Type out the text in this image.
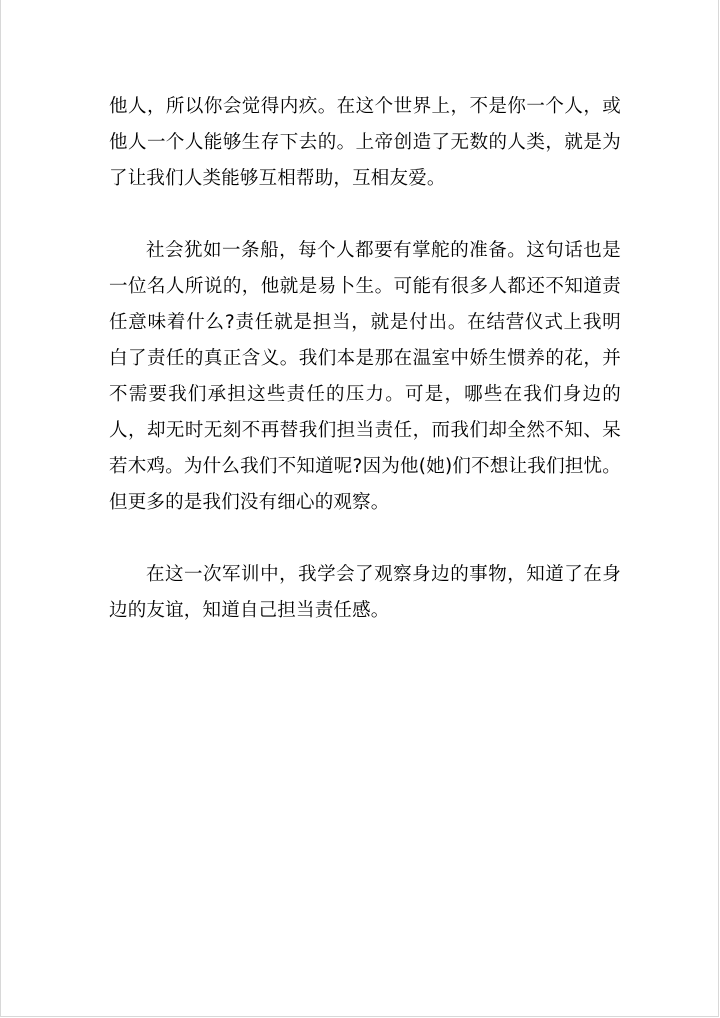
他人，所以你会觉得内疚。在这个世界上，不是你一个人，或他人一个人能够生存下去的。上帝创造了无数的人类，就是为了让我们人类能够互相帮助，互相友爱。

社会犹如一条船，每个人都要有掌舵的准备。这句话也是一位名人所说的，他就是易卜生。可能有很多人都还不知道责任意味着什么?责任就是担当，就是付出。在结营仪式上我明白了责任的真正含义。我们本是那在温室中娇生惯养的花，并不需要我们承担这些责任的压力。可是，哪些在我们身边的人，却无时无刻不再替我们担当责任，而我们却全然不知、呆若木鸡。为什么我们不知道呢?因为他(她)们不想让我们担忧。但更多的是我们没有细心的观察。

在这一次军训中，我学会了观察身边的事物，知道了在身边的友谊，知道自己担当责任感。
